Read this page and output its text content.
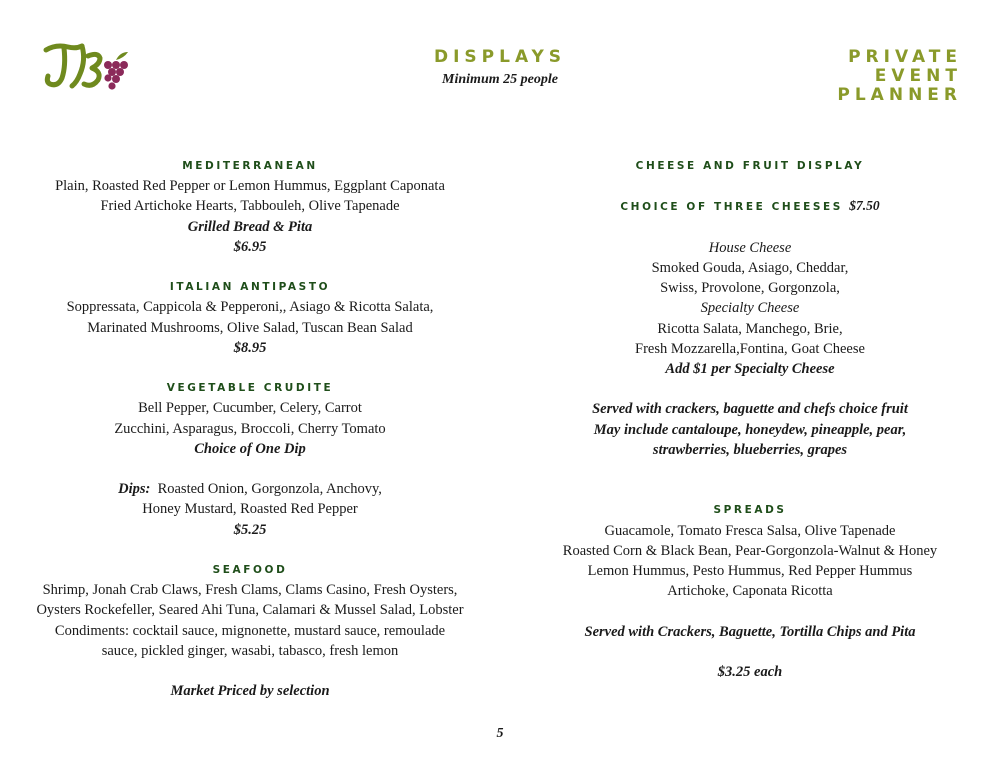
DISPLAYS
Minimum 25 people
PRIVATE
EVENT
PLANNER
MEDITERRANEAN
Plain, Roasted Red Pepper or Lemon Hummus, Eggplant Caponata
Fried Artichoke Hearts, Tabbouleh, Olive Tapenade
Grilled Bread & Pita
$6.95
ITALIAN ANTIPASTO
Soppressata, Cappicola & Pepperoni,, Asiago & Ricotta Salata,
Marinated Mushrooms, Olive Salad, Tuscan Bean Salad
$8.95
VEGETABLE CRUDITE
Bell Pepper, Cucumber, Celery, Carrot
Zucchini, Asparagus, Broccoli, Cherry Tomato
Choice of One Dip
Dips: Roasted Onion, Gorgonzola, Anchovy,
Honey Mustard, Roasted Red Pepper
$5.25
SEAFOOD
Shrimp, Jonah Crab Claws, Fresh Clams, Clams Casino, Fresh Oysters,
Oysters Rockefeller, Seared Ahi Tuna, Calamari & Mussel Salad, Lobster
Condiments: cocktail sauce, mignonette, mustard sauce, remoulade
sauce, pickled ginger, wasabi, tabasco, fresh lemon
Market Priced by selection
CHEESE AND FRUIT DISPLAY
CHOICE OF THREE CHEESES $7.50
House Cheese
Smoked Gouda, Asiago, Cheddar,
Swiss, Provolone, Gorgonzola,
Specialty Cheese
Ricotta Salata, Manchego, Brie,
Fresh Mozzarella,Fontina, Goat Cheese
Add $1 per Specialty Cheese
Served with crackers, baguette and chefs choice fruit
May include cantaloupe, honeydew, pineapple, pear,
strawberries, blueberries, grapes
SPREADS
Guacamole, Tomato Fresca Salsa, Olive Tapenade
Roasted Corn & Black Bean, Pear-Gorgonzola-Walnut & Honey
Lemon Hummus, Pesto Hummus, Red Pepper Hummus
Artichoke, Caponata Ricotta
Served with Crackers, Baguette, Tortilla Chips and Pita
$3.25 each
5
